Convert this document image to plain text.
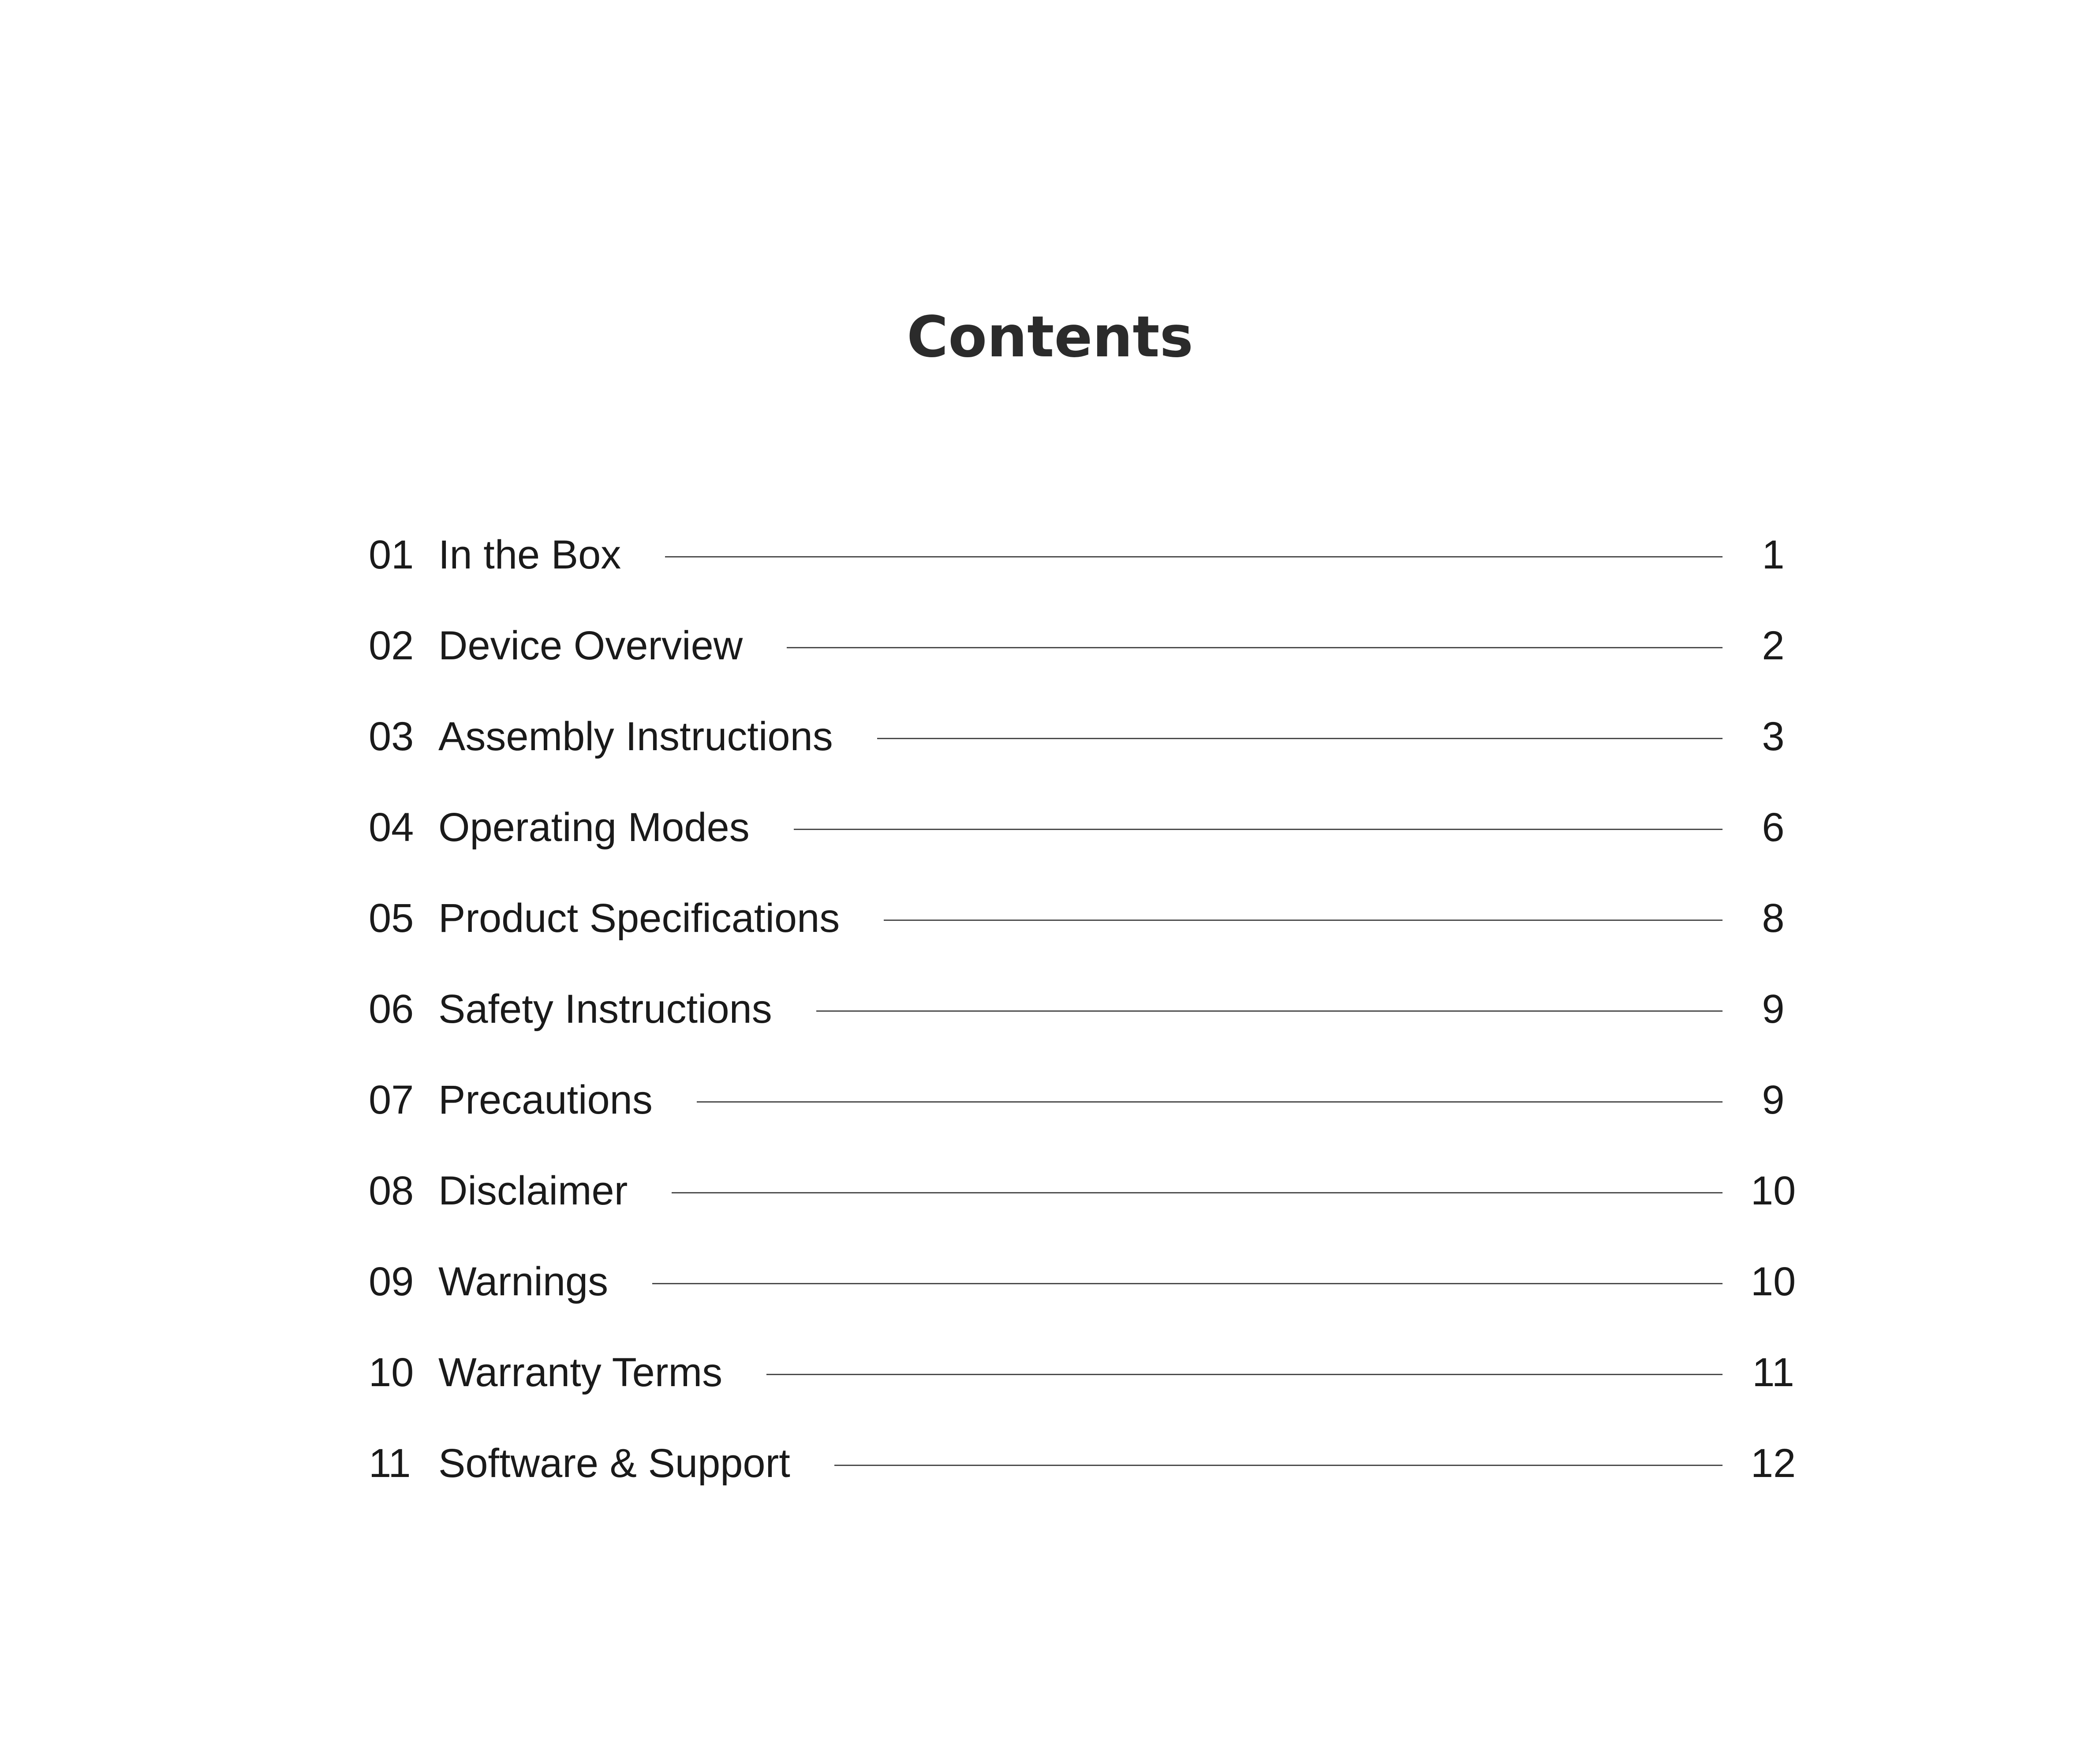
Contents
01 In the Box	1
02 Device Overview	2
03 Assembly Instructions	3
04 Operating Modes	6
05 Product Specifications	8
06 Safety Instructions	9
07 Precautions	9
08 Disclaimer	10
09 Warnings	10
10 Warranty Terms	11
11 Software & Support	12
